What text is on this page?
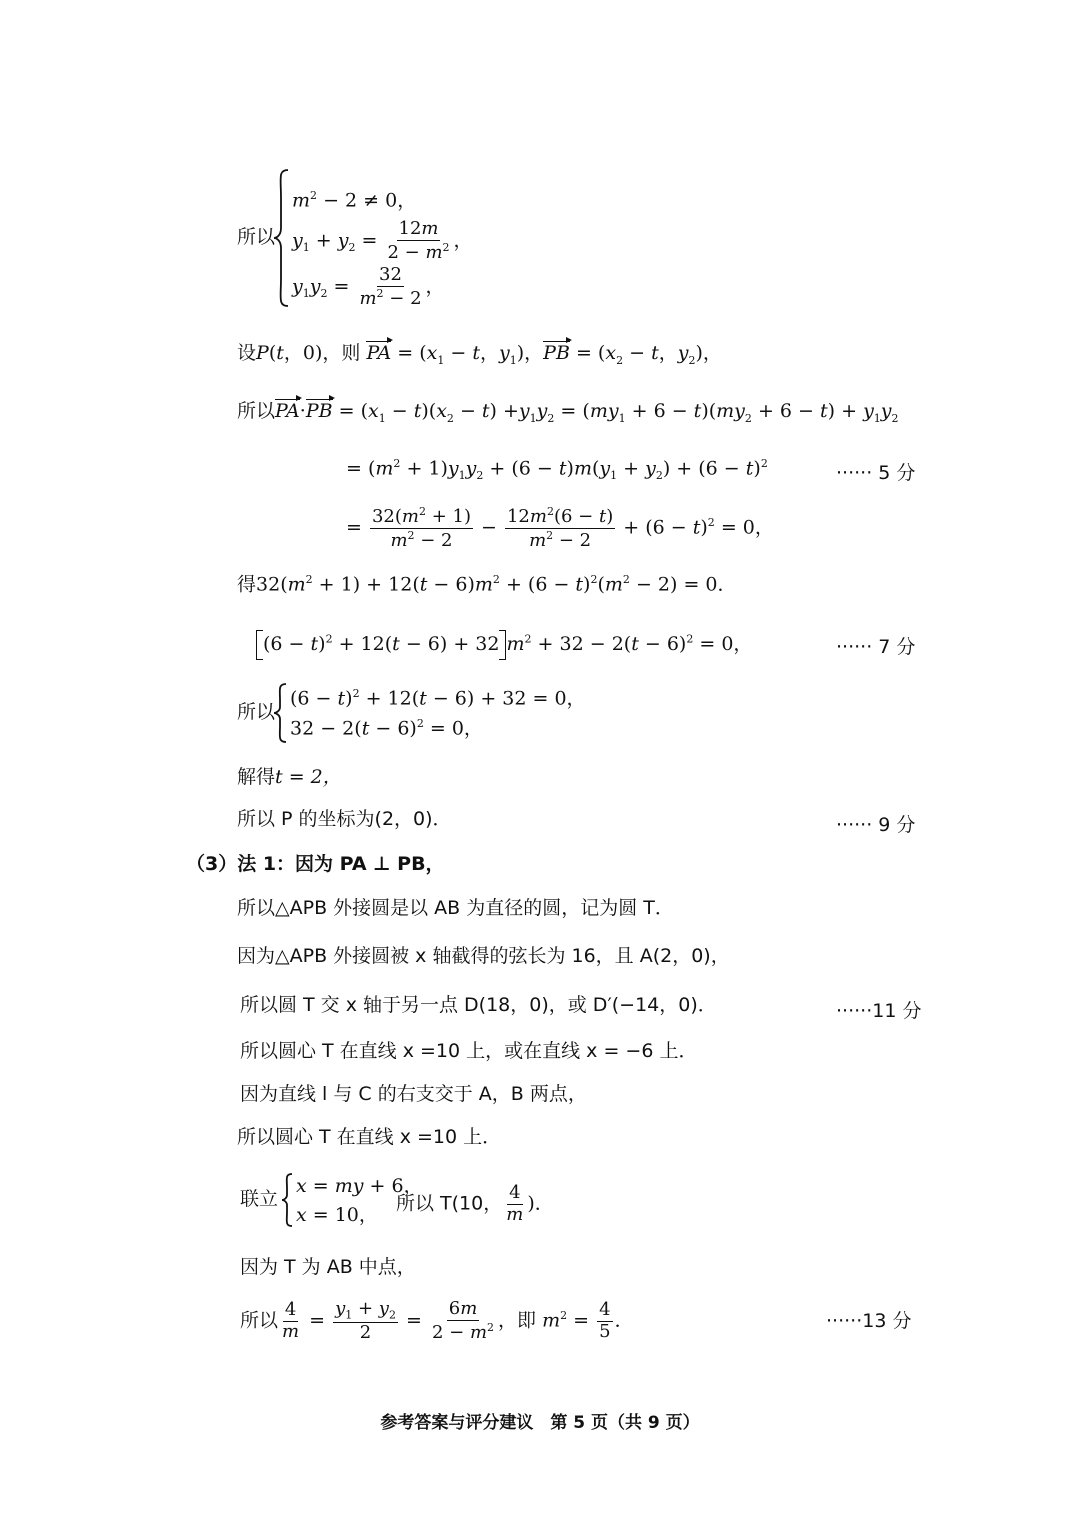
所以
$m^2 - 2 \ne 0$，
$y_1 + y_2 = \frac{12m}{2 - m^2}$ ，
$y_1y_2 = \frac{32}{m^2 - 2}$ ，
设P(t，0)，则 PA = ($x_1 - t$，$y_1$)，PB = ($x_2 - t$，$y_2$)，
所以$PA\cdot PB = (x_1 - t)(x_2 - t) +y_1y_2 = (my_1 + 6 - t)(my_2 + 6 - t) + y_1y_2$
= $(m^2 + 1)y_1y_2 + (6 - t)m(y_1 + y_2) + (6 - t)^2$	······ 5 分
= $\frac{32(m^2 + 1)}{m^2 - 2} - \frac{12m^2(6 - t)}{m^2 - 2} + (6 - t)^2 = 0$，
得$32(m^2 + 1) + 12(t - 6)m^2 + (6 - t)^2(m^2 - 2) = 0$．
$(6 - t)^2 + 12(t - 6) + 32$ $m^2 + 32 - 2(t - 6)^2 = 0$，	······ 7 分
所以
$(6 - t)^2 + 12(t - 6) + 32 = 0$，
$32 - 2(t - 6)^2 = 0$，
解得t = 2，
所以 P 的坐标为(2，0)．	······ 9 分
（3）法 1：因为 PA ⊥ PB，
所以△APB 外接圆是以 AB 为直径的圆，记为圆 T．
因为△APB 外接圆被 x 轴截得的弦长为 16，且 A(2，0)，
所以圆 T 交 x 轴于另一点 D(18，0)，或 D′(−14，0)．	······11 分
所以圆心 T 在直线 x =10 上，或在直线 x = −6 上．
因为直线 l 与 C 的右支交于 A，B 两点，
所以圆心 T 在直线 x =10 上．
联立
x = my + 6，
x = 10，
所以 T(10， $\frac{4}{m}$ )．
因为 T 为 AB 中点，
所以 $\frac{4}{m} = \frac{y_1 + y_2}{2} = \frac{6m}{2 - m^2}$ ，即 $m^2 = \frac{4}{5}$ ．	······13 分
参考答案与评分建议　第 5 页（共 9 页）
